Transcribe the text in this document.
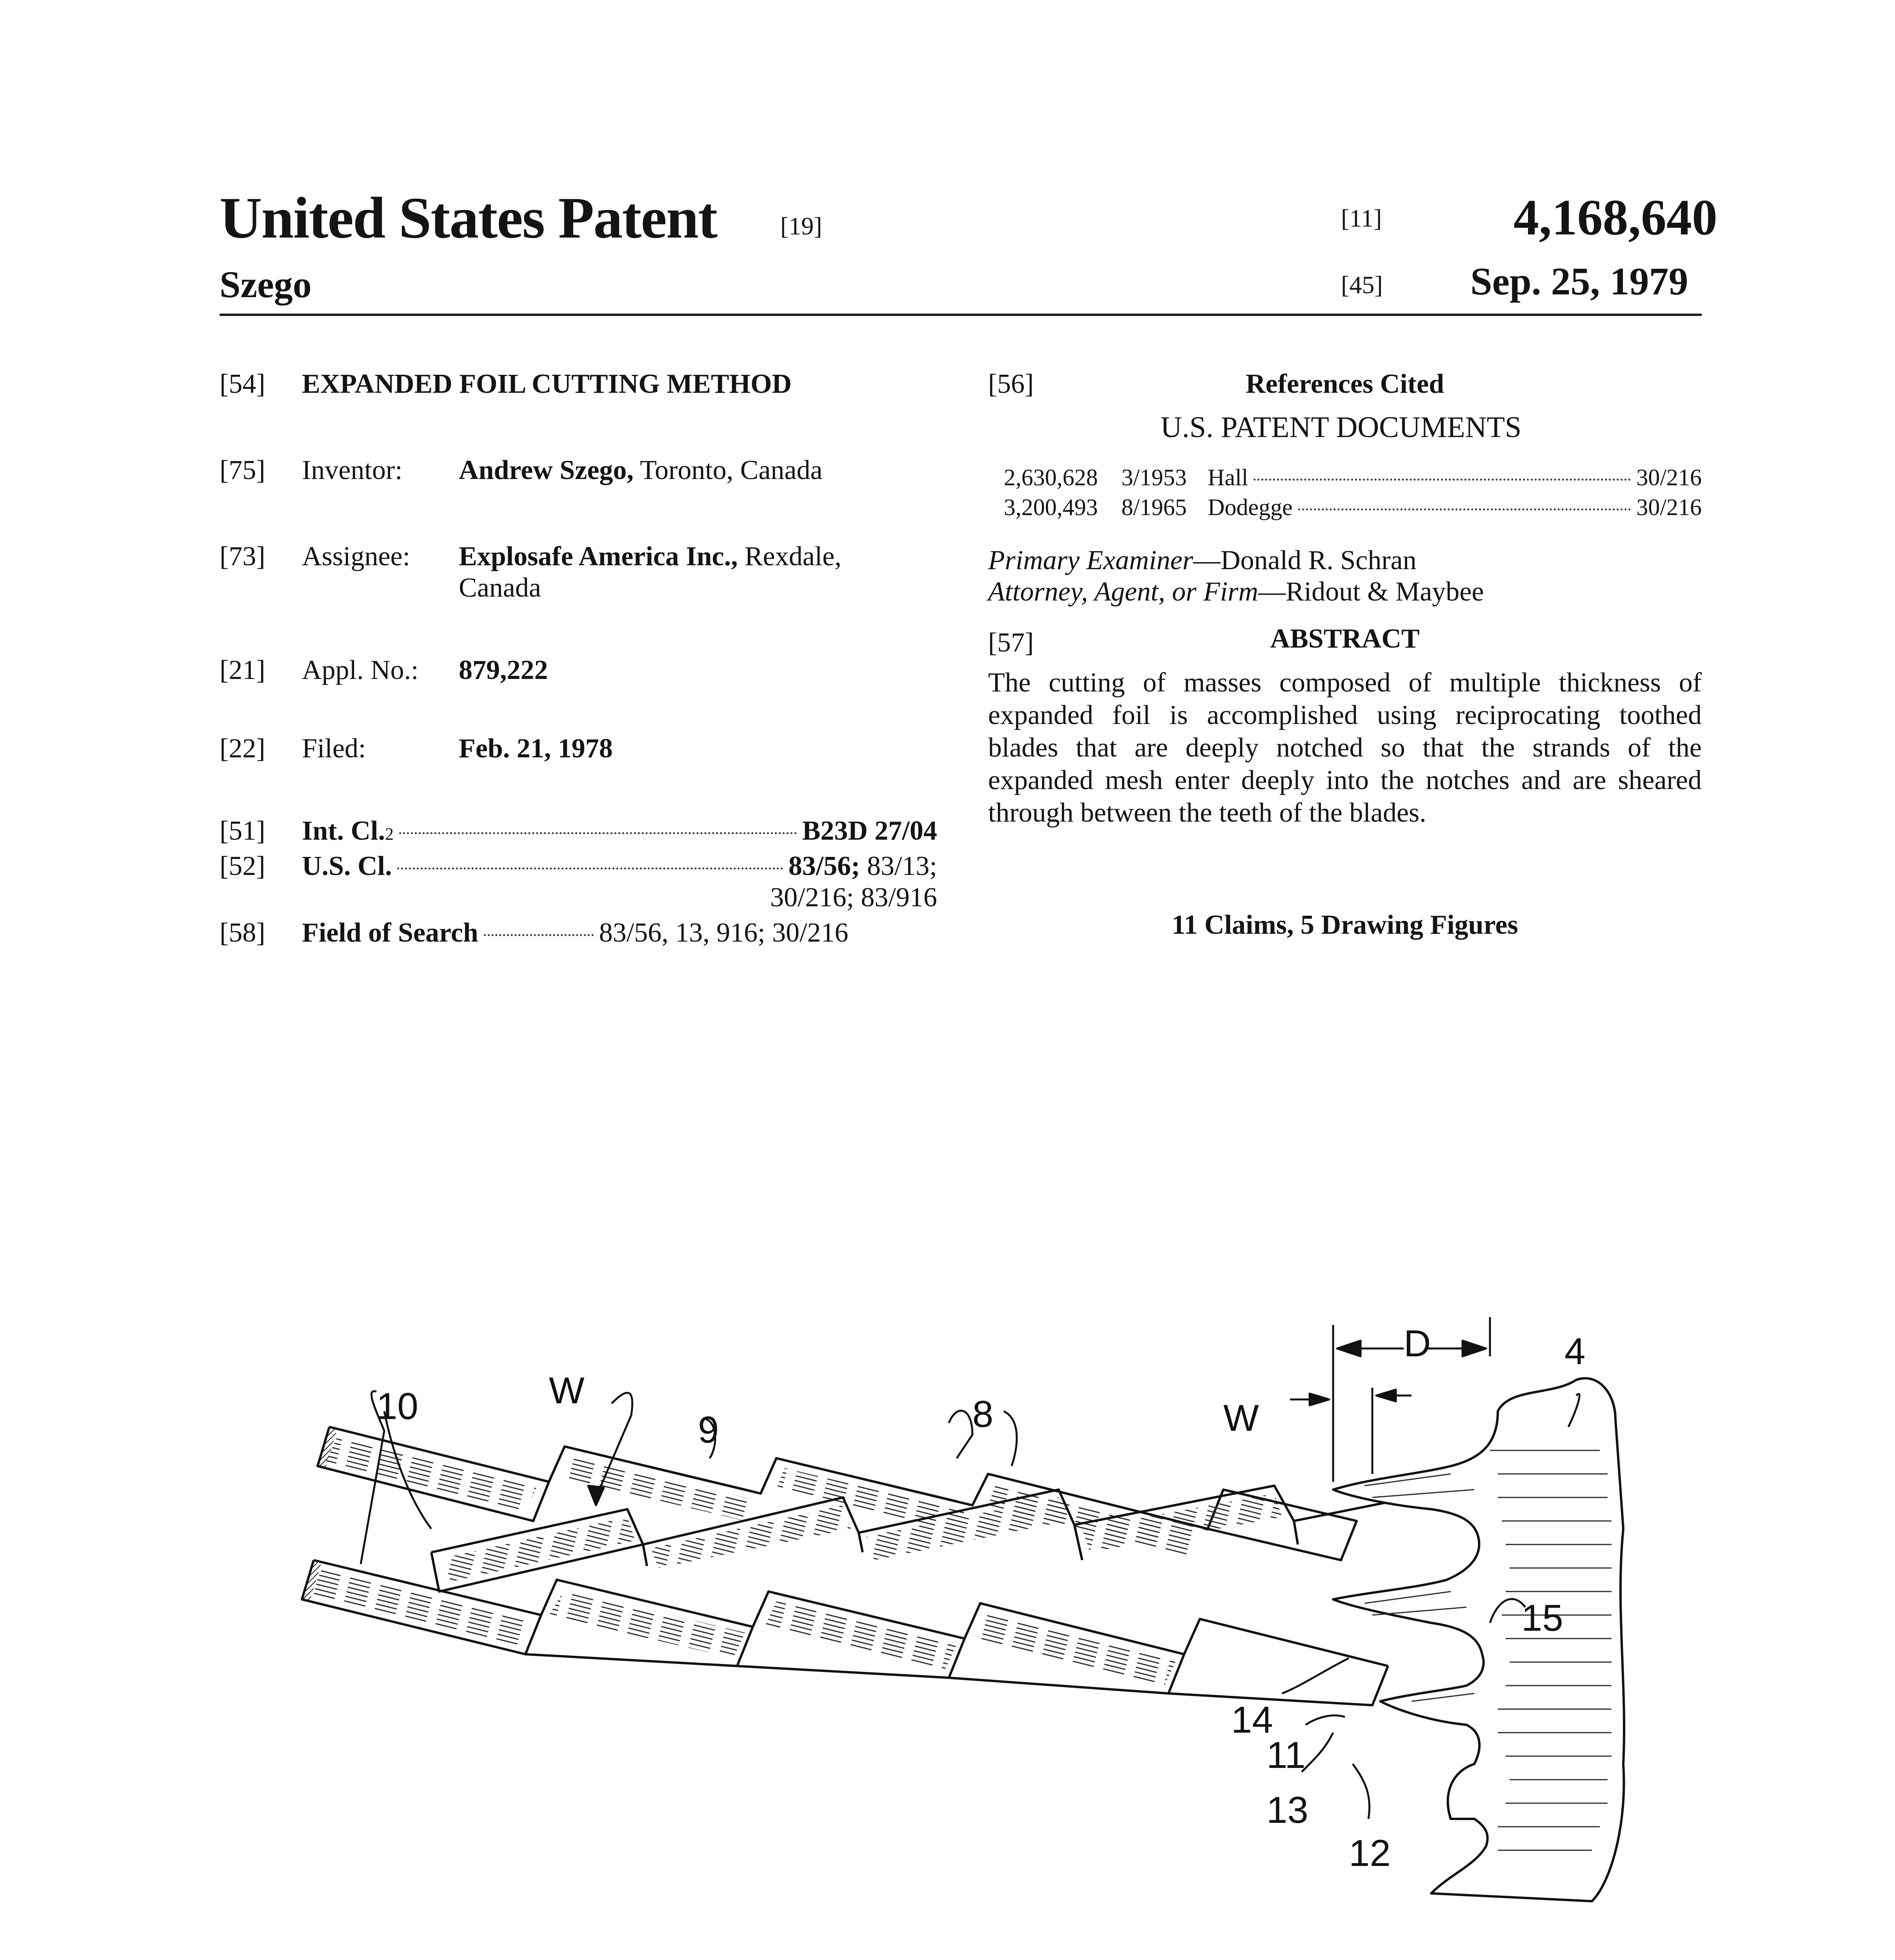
United States Patent	[19]
Szego
[11]	4,168,640
[45] Sep. 25, 1979
[54] EXPANDED FOIL CUTTING METHOD
[75] Inventor: Andrew Szego, Toronto, Canada
[73] Assignee: Explosafe America Inc., Rexdale,
Canada
[21] Appl. No.: 879,222
[22] Filed:	Feb. 21, 1978
[51] Int. Cl. 2	B23D 27/04
[52] U.S. Cl.	83/56;
83/13;
30/216; 83/916
[58] Field of Search	83/56, 13, 916; 30/216
[56]	References Cited
U.S. PATENT DOCUMENTS
2,630,628	3/1953 Hall	30/216
3,200,493	8/1965 Dodegge	30/216
Primary Examiner—Donald R. Schran
Attorney, Agent, or Firm—Ridout & Maybee
[57]	ABSTRACT
The cutting of masses composed of multiple thickness of expanded foil is accomplished using reciprocating toothed blades that are deeply notched so that the strands of the expanded mesh enter deeply into the notches and are sheared through between the teeth of the blades.
11 Claims, 5 Drawing Figures
10	W
9	8	W
D	4
15
14
11
13
12
